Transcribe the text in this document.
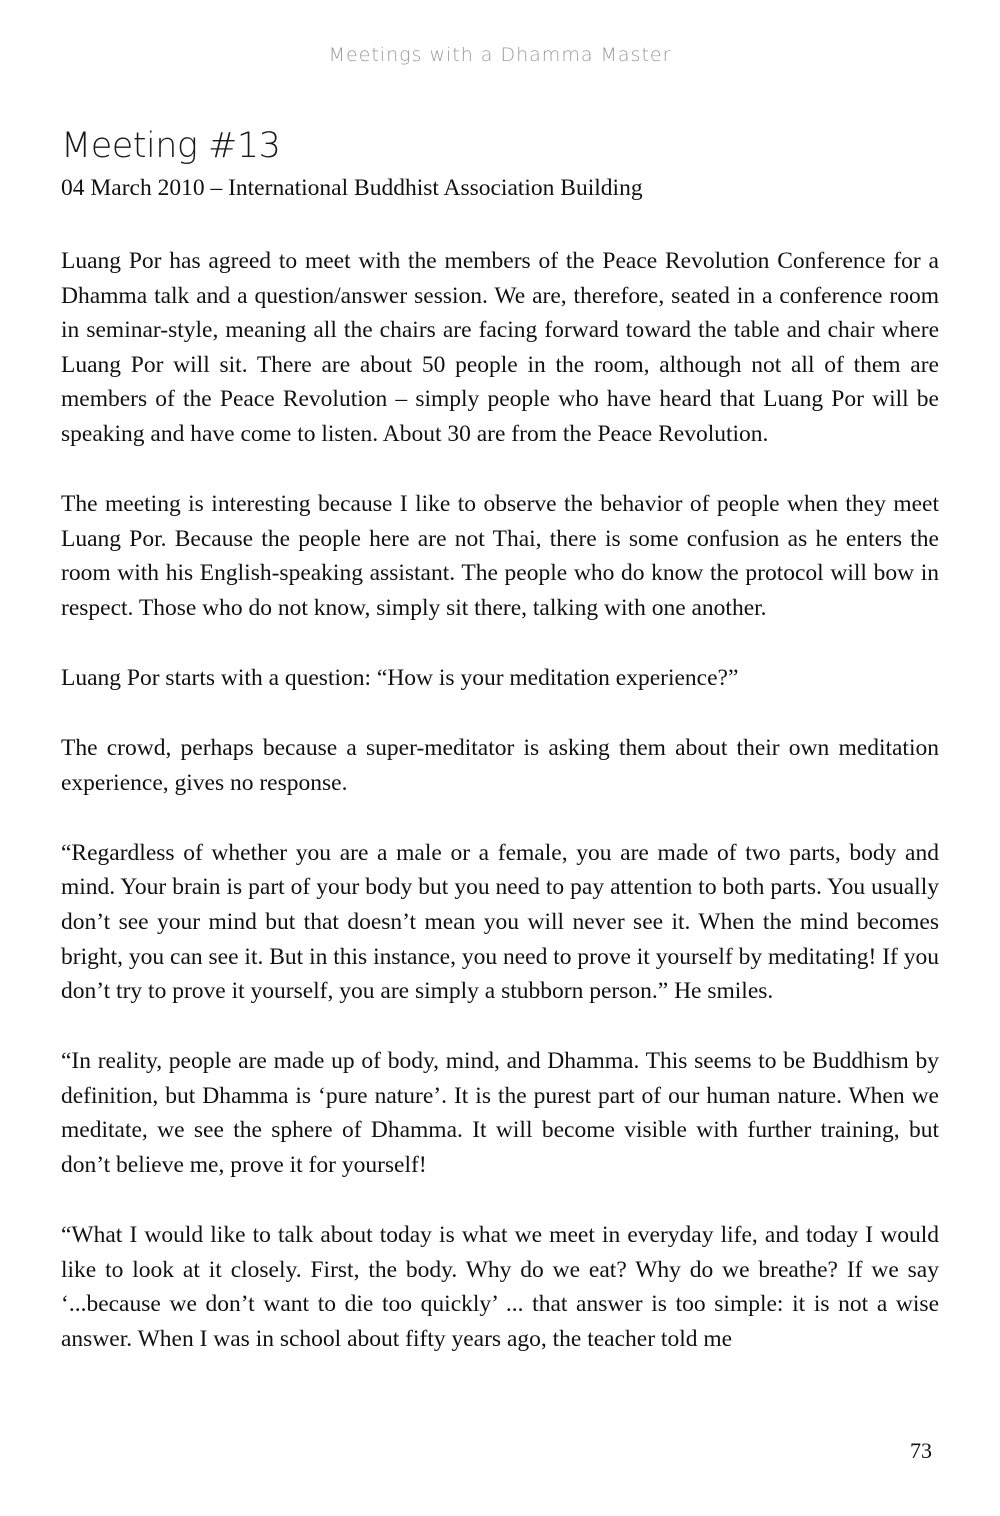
Meetings with a Dhamma Master
Meeting #13
04 March 2010 – International Buddhist Association Building

Luang Por has agreed to meet with the members of the Peace Revolution Conference for a Dhamma talk and a question/answer session. We are, therefore, seated in a conference room in seminar-style, meaning all the chairs are facing forward toward the table and chair where Luang Por will sit. There are about 50 people in the room, although not all of them are members of the Peace Revolution – simply people who have heard that Luang Por will be speaking and have come to listen. About 30 are from the Peace Revolution.

The meeting is interesting because I like to observe the behavior of people when they meet Luang Por. Because the people here are not Thai, there is some confusion as he enters the room with his English-speaking assistant. The people who do know the protocol will bow in respect. Those who do not know, simply sit there, talking with one another.

Luang Por starts with a question: “How is your meditation experience?”

The crowd, perhaps because a super-meditator is asking them about their own meditation experience, gives no response.

“Regardless of whether you are a male or a female, you are made of two parts, body and mind. Your brain is part of your body but you need to pay attention to both parts. You usually don’t see your mind but that doesn’t mean you will never see it. When the mind becomes bright, you can see it. But in this instance, you need to prove it yourself by meditating! If you don’t try to prove it yourself, you are simply a stubborn person.” He smiles.

“In reality, people are made up of body, mind, and Dhamma. This seems to be Buddhism by definition, but Dhamma is ‘pure nature’. It is the purest part of our human nature. When we meditate, we see the sphere of Dhamma. It will become visible with further training, but don’t believe me, prove it for yourself!

“What I would like to talk about today is what we meet in everyday life, and today I would like to look at it closely. First, the body. Why do we eat? Why do we breathe? If we say ‘...because we don’t want to die too quickly’ ... that answer is too simple: it is not a wise answer. When I was in school about fifty years ago, the teacher told me

73
